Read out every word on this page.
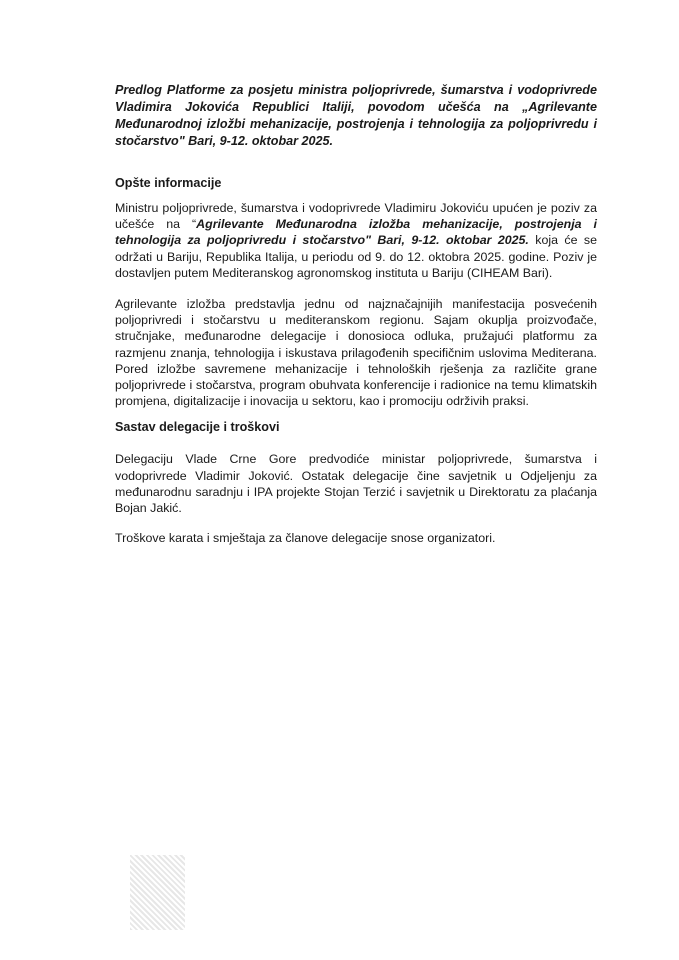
Predlog Platforme za posjetu ministra poljoprivrede, šumarstva i vodoprivrede Vladimira Jokovića Republici Italiji, povodom učešća na „Agrilevante Međunarodnoj izložbi mehanizacije, postrojenja i tehnologija za poljoprivredu i stočarstvo" Bari, 9-12. oktobar 2025.

Opšte informacije

Ministru poljoprivrede, šumarstva i vodoprivrede Vladimiru Jokoviću upućen je poziv za učešće na “Agrilevante Međunarodna izložba mehanizacije, postrojenja i tehnologija za poljoprivredu i stočarstvo" Bari, 9-12. oktobar 2025. koja će se održati u Bariju, Republika Italija, u periodu od 9. do 12. oktobra 2025. godine. Poziv je dostavljen putem Mediteranskog agronomskog instituta u Bariju (CIHEAM Bari).

Agrilevante izložba predstavlja jednu od najznačajnijih manifestacija posvećenih poljoprivredi i stočarstvu u mediteranskom regionu. Sajam okuplja proizvođače, stručnjake, međunarodne delegacije i donosioca odluka, pružajući platformu za razmjenu znanja, tehnologija i iskustava prilagođenih specifičnim uslovima Mediterana. Pored izložbe savremene mehanizacije i tehnoloških rješenja za različite grane poljoprivrede i stočarstva, program obuhvata konferencije i radionice na temu klimatskih promjena, digitalizacije i inovacija u sektoru, kao i promociju održivih praksi.

Sastav delegacije i troškovi

Delegaciju Vlade Crne Gore predvodiće ministar poljoprivrede, šumarstva i vodoprivrede Vladimir Joković. Ostatak delegacije čine savjetnik u Odjeljenju za međunarodnu saradnju i IPA projekte Stojan Terzić i savjetnik u Direktoratu za plaćanja Bojan Jakić.

Troškove karata i smještaja za članove delegacije snose organizatori.
